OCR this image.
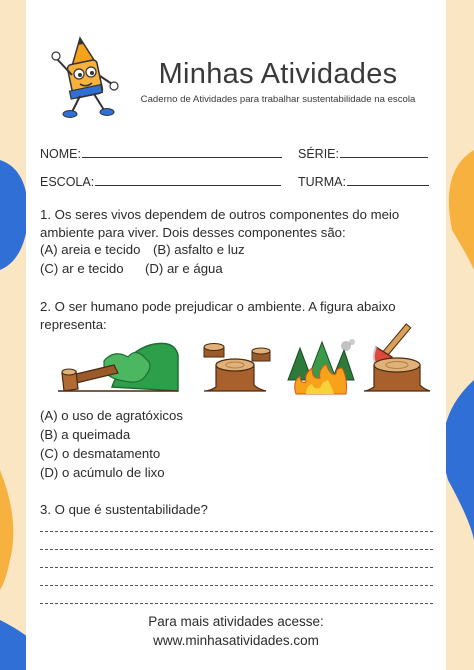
Minhas Atividades
Caderno de Atividades para trabalhar sustentabilidade na escola
NOME:	SÉRIE:
ESCOLA:	TURMA:
1. Os seres vivos dependem de outros componentes do meio
ambiente para viver. Dois desses componentes são:
(A) areia e tecido (B) asfalto e luz
(C) ar e tecido (D) ar e água
2. O ser humano pode prejudicar o ambiente. A figura abaixo
representa:
(A) o uso de agratóxicos
(B) a queimada
(C) o desmatamento
(D) o acúmulo de lixo
3. O que é sustentabilidade?
Para mais atividades acesse:
www.minhasatividades.com
